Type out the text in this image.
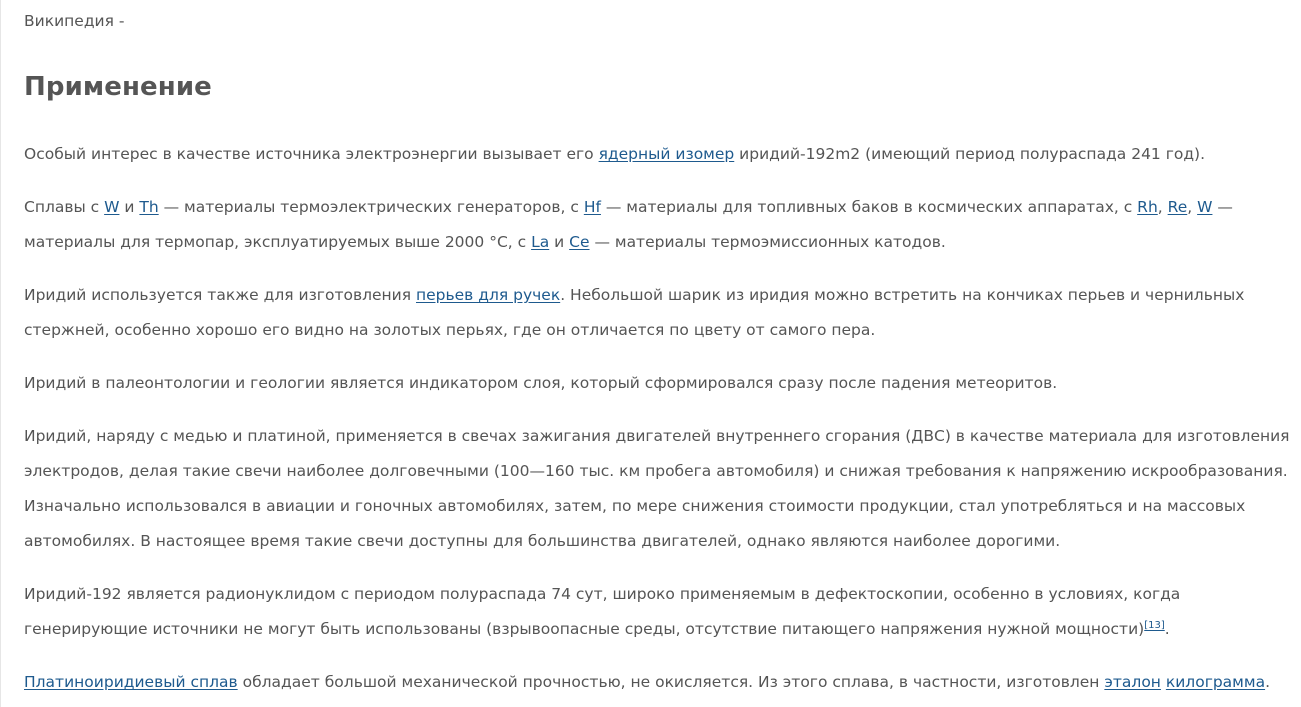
Википедия -
Применение

Особый интерес в качестве источника электроэнергии вызывает его ядерный изомер иридий-192m2 (имеющий период полураспада 241 год).

Сплавы с W и Th — материалы термоэлектрических генераторов, с Hf — материалы для топливных баков в космических аппаратах, с Rh, Re, W — материалы для термопар, эксплуатируемых выше 2000 °C, с La и Ce — материалы термоэмиссионных катодов.

Иридий используется также для изготовления перьев для ручек. Небольшой шарик из иридия можно встретить на кончиках перьев и чернильных стержней, особенно хорошо его видно на золотых перьях, где он отличается по цвету от самого пера.

Иридий в палеонтологии и геологии является индикатором слоя, который сформировался сразу после падения метеоритов.

Иридий, наряду с медью и платиной, применяется в свечах зажигания двигателей внутреннего сгорания (ДВС) в качестве материала для изготовления электродов, делая такие свечи наиболее долговечными (100—160 тыс. км пробега автомобиля) и снижая требования к напряжению искрообразования. Изначально использовался в авиации и гоночных автомобилях, затем, по мере снижения стоимости продукции, стал употребляться и на массовых автомобилях. В настоящее время такие свечи доступны для большинства двигателей, однако являются наиболее дорогими.

Иридий-192 является радионуклидом с периодом полураспада 74 сут, широко применяемым в дефектоскопии, особенно в условиях, когда генерирующие источники не могут быть использованы (взрывоопасные среды, отсутствие питающего напряжения нужной мощности)[13].

Платиноиридиевый сплав обладает большой механической прочностью, не окисляется. Из этого сплава, в частности, изготовлен эталон килограмма.
